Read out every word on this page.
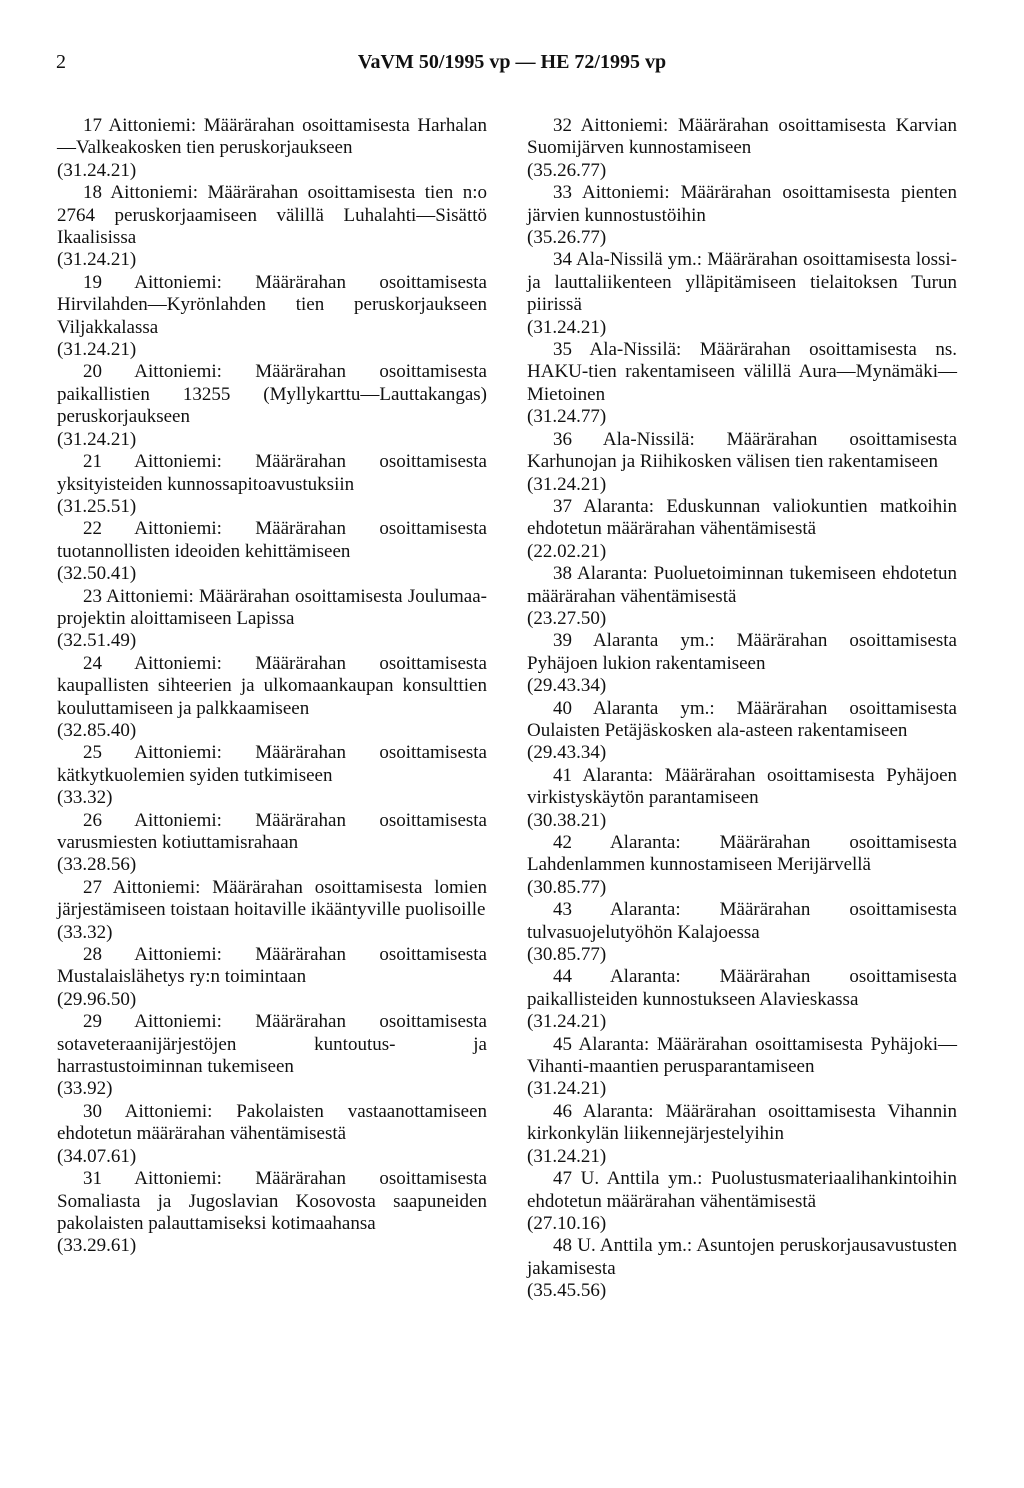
2	VaVM 50/1995 vp — HE 72/1995 vp
17 Aittoniemi: Määrärahan osoittamisesta Harhalan—Valkeakosken tien peruskorjaukseen
(31.24.21)
18 Aittoniemi: Määrärahan osoittamisesta tien n:o 2764 peruskorjaamiseen välillä Luhalahti—Sisättö Ikaalisissa
(31.24.21)
19 Aittoniemi: Määrärahan osoittamisesta Hirvilahden—Kyrönlahden tien peruskorjaukseen Viljakkalassa
(31.24.21)
20 Aittoniemi: Määrärahan osoittamisesta paikallistien 13255 (Myllykarttu—Lauttakangas) peruskorjaukseen
(31.24.21)
21 Aittoniemi: Määrärahan osoittamisesta yksityisteiden kunnossapitoavustuksiin
(31.25.51)
22 Aittoniemi: Määrärahan osoittamisesta tuotannollisten ideoiden kehittämiseen
(32.50.41)
23 Aittoniemi: Määrärahan osoittamisesta Joulumaa-projektin aloittamiseen Lapissa
(32.51.49)
24 Aittoniemi: Määrärahan osoittamisesta kaupallisten sihteerien ja ulkomaankaupan konsulttien kouluttamiseen ja palkkaamiseen
(32.85.40)
25 Aittoniemi: Määrärahan osoittamisesta kätkytkuolemien syiden tutkimiseen
(33.32)
26 Aittoniemi: Määrärahan osoittamisesta varusmiesten kotiuttamisrahaan
(33.28.56)
27 Aittoniemi: Määrärahan osoittamisesta lomien järjestämiseen toistaan hoitaville ikääntyville puolisoille
(33.32)
28 Aittoniemi: Määrärahan osoittamisesta Mustalaislähetys ry:n toimintaan
(29.96.50)
29 Aittoniemi: Määrärahan osoittamisesta sotaveteraanijärjestöjen kuntoutus- ja harrastustoiminnan tukemiseen
(33.92)
30 Aittoniemi: Pakolaisten vastaanottamiseen ehdotetun määrärahan vähentämisestä
(34.07.61)
31 Aittoniemi: Määrärahan osoittamisesta Somaliasta ja Jugoslavian Kosovosta saapuneiden pakolaisten palauttamiseksi kotimaahansa
(33.29.61)
32 Aittoniemi: Määrärahan osoittamisesta Karvian Suomijärven kunnostamiseen
(35.26.77)
33 Aittoniemi: Määrärahan osoittamisesta pienten järvien kunnostustöihin
(35.26.77)
34 Ala-Nissilä ym.: Määrärahan osoittamisesta lossi- ja lauttaliikenteen ylläpitämiseen tielaitoksen Turun piirissä
(31.24.21)
35 Ala-Nissilä: Määrärahan osoittamisesta ns. HAKU-tien rakentamiseen välillä Aura—Mynämäki—Mietoinen
(31.24.77)
36 Ala-Nissilä: Määrärahan osoittamisesta Karhunojan ja Riihikosken välisen tien rakentamiseen
(31.24.21)
37 Alaranta: Eduskunnan valiokuntien matkoihin ehdotetun määrärahan vähentämisestä
(22.02.21)
38 Alaranta: Puoluetoiminnan tukemiseen ehdotetun määrärahan vähentämisestä
(23.27.50)
39 Alaranta ym.: Määrärahan osoittamisesta Pyhäjoen lukion rakentamiseen
(29.43.34)
40 Alaranta ym.: Määrärahan osoittamisesta Oulaisten Petäjäskosken ala-asteen rakentamiseen
(29.43.34)
41 Alaranta: Määrärahan osoittamisesta Pyhäjoen virkistyskäytön parantamiseen
(30.38.21)
42 Alaranta: Määrärahan osoittamisesta Lahdenlammen kunnostamiseen Merijärvellä
(30.85.77)
43 Alaranta: Määrärahan osoittamisesta tulvasuojelutyöhön Kalajoessa
(30.85.77)
44 Alaranta: Määrärahan osoittamisesta paikallisteiden kunnostukseen Alavieskassa
(31.24.21)
45 Alaranta: Määrärahan osoittamisesta Pyhäjoki—Vihanti-maantien perusparantamiseen
(31.24.21)
46 Alaranta: Määrärahan osoittamisesta Vihannin kirkonkylän liikennejärjestelyihin
(31.24.21)
47 U. Anttila ym.: Puolustusmateriaalihankintoihin ehdotetun määrärahan vähentämisestä
(27.10.16)
48 U. Anttila ym.: Asuntojen peruskorjausavustusten jakamisesta
(35.45.56)
